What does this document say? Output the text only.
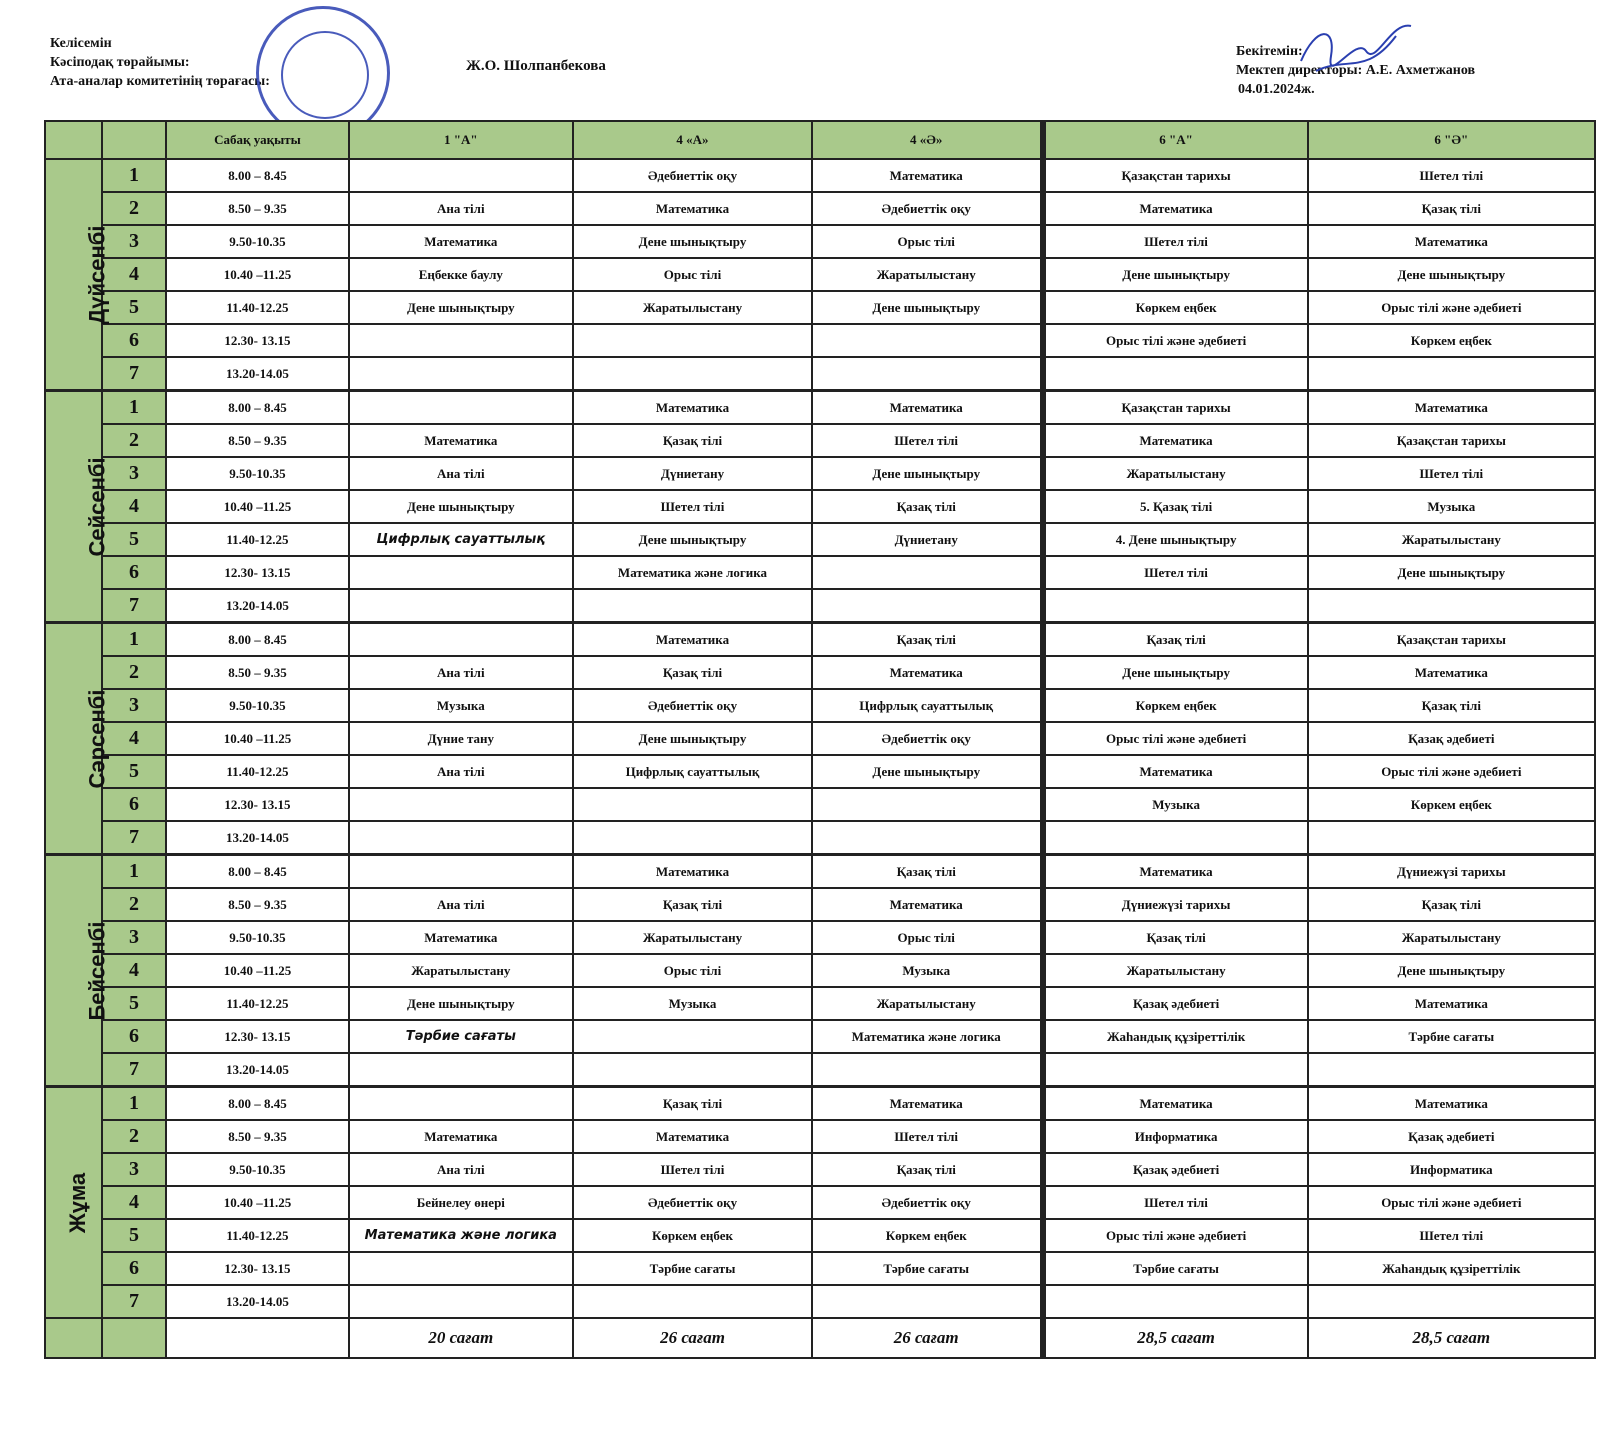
Келісемін
Кәсіподақ төрайымы:
Ата-аналар комитетінің төрағасы:
Ж.О. Шолпанбекова
Бекітемін:
Мектеп директоры: А.Е. Ахметжанов
04.01.2024ж.
		Сабақ уақыты	1 "А"	4 «А»	4 «Ә»	6 "А"	6 "Ә"
Дүйсенбі	1	8.00 – 8.45		Әдебиеттік оқу	Математика	Қазақстан тарихы	Шетел тілі
	2	8.50 – 9.35	Ана тілі	Математика	Әдебиеттік оқу	Математика	Қазақ тілі
	3	9.50-10.35	Математика	Дене шынықтыру	Орыс тілі	Шетел тілі	Математика
	4	10.40 –11.25	Еңбекке баулу	Орыс тілі	Жаратылыстану	Дене шынықтыру	Дене шынықтыру
	5	11.40-12.25	Дене шынықтыру	Жаратылыстану	Дене шынықтыру	Көркем еңбек	Орыс тілі және әдебиеті
	6	12.30- 13.15				Орыс тілі және әдебиеті	Көркем еңбек
	7	13.20-14.05					
Сейсенбі	1	8.00 – 8.45		Математика	Математика	Қазақстан тарихы	Математика
	2	8.50 – 9.35	Математика	Қазақ тілі	Шетел тілі	Математика	Қазақстан тарихы
	3	9.50-10.35	Ана тілі	Дүниетану	Дене шынықтыру	Жаратылыстану	Шетел тілі
	4	10.40 –11.25	Дене шынықтыру	Шетел тілі	Қазақ тілі	5. Қазақ тілі	Музыка
	5	11.40-12.25	Цифрлық сауаттылық	Дене шынықтыру	Дүниетану	4. Дене шынықтыру	Жаратылыстану
	6	12.30- 13.15		Математика және логика		Шетел тілі	Дене шынықтыру
	7	13.20-14.05					
Сәрсенбі	1	8.00 – 8.45		Математика	Қазақ тілі	Қазақ тілі	Қазақстан тарихы
	2	8.50 – 9.35	Ана тілі	Қазақ тілі	Математика	Дене шынықтыру	Математика
	3	9.50-10.35	Музыка	Әдебиеттік оқу	Цифрлық сауаттылық	Көркем еңбек	Қазақ тілі
	4	10.40 –11.25	Дүние тану	Дене шынықтыру	Әдебиеттік оқу	Орыс тілі және әдебиеті	Қазақ әдебиеті
	5	11.40-12.25	Ана тілі	Цифрлық сауаттылық	Дене шынықтыру	Математика	Орыс тілі және әдебиеті
	6	12.30- 13.15				Музыка	Көркем еңбек
	7	13.20-14.05					
Бейсенбі	1	8.00 – 8.45		Математика	Қазақ тілі	Математика	Дүниежүзі тарихы
	2	8.50 – 9.35	Ана тілі	Қазақ тілі	Математика	Дүниежүзі тарихы	Қазақ тілі
	3	9.50-10.35	Математика	Жаратылыстану	Орыс тілі	Қазақ тілі	Жаратылыстану
	4	10.40 –11.25	Жаратылыстану	Орыс тілі	Музыка	Жаратылыстану	Дене шынықтыру
	5	11.40-12.25	Дене шынықтыру	Музыка	Жаратылыстану	Қазақ әдебиеті	Математика
	6	12.30- 13.15	Тәрбие сағаты		Математика және логика	Жаһандық құзіреттілік	Тәрбие сағаты
	7	13.20-14.05					
Жұма	1	8.00 – 8.45		Қазақ тілі	Математика	Математика	Математика
	2	8.50 – 9.35	Математика	Математика	Шетел тілі	Информатика	Қазақ әдебиеті
	3	9.50-10.35	Ана тілі	Шетел тілі	Қазақ тілі	Қазақ әдебиеті	Информатика
	4	10.40 –11.25	Бейнелеу өнері	Әдебиеттік оқу	Әдебиеттік оқу	Шетел тілі	Орыс тілі және әдебиеті
	5	11.40-12.25	Математика және логика	Көркем еңбек	Көркем еңбек	Орыс тілі және әдебиеті	Шетел тілі
	6	12.30- 13.15		Тәрбие сағаты	Тәрбие сағаты	Тәрбие сағаты	Жаһандық құзіреттілік
	7	13.20-14.05					
			20 сағат	26 сағат	26 сағат	28,5 сағат	28,5 сағат
